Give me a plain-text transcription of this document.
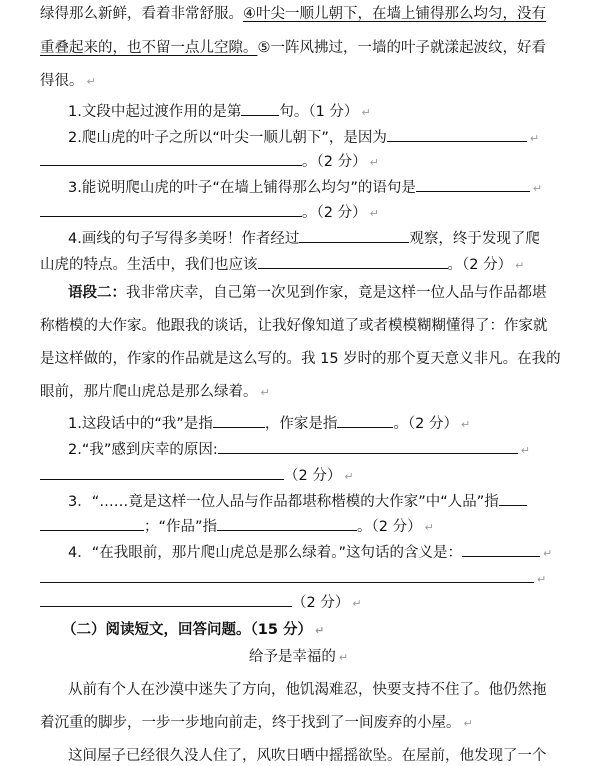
绿得那么新鲜，看着非常舒服。④叶尖一顺儿朝下，在墙上铺得那么均匀，没有
重叠起来的，也不留一点儿空隙。⑤一阵风拂过，一墙的叶子就漾起波纹，好看
得很。 ↵
1.文段中起过渡作用的是第	句。（1 分） ↵
2.爬山虎的叶子之所以“叶尖一顺儿朝下”，是因为	↵
。（2 分） ↵
3.能说明爬山虎的叶子“在墙上铺得那么均匀”的语句是	↵
。（2 分） ↵
4.画线的句子写得多美呀！作者经过	观察，终于发现了爬
山虎的特点。生活中，我们也应该	。（2 分） ↵
语段二：我非常庆幸，自己第一次见到作家，竟是这样一位人品与作品都堪
称楷模的大作家。他跟我的谈话，让我好像知道了或者模模糊糊懂得了：作家就
是这样做的，作家的作品就是这么写的。我 15 岁时的那个夏天意义非凡。在我的
眼前，那片爬山虎总是那么绿着。 ↵
1.这段话中的“我”是指	，作家是指	。（2 分） ↵
2.“我”感到庆幸的原因:	↵
（2 分） ↵
3．“……竟是这样一位人品与作品都堪称楷模的大作家”中“人品”指
；“作品”指	。（2 分） ↵
4．“在我眼前，那片爬山虎总是那么绿着。”这句话的含义是：	↵
↵
（2 分） ↵
（二）阅读短文，回答问题。（15 分） ↵
给予是幸福的 ↵
从前有个人在沙漠中迷失了方向，他饥渴难忍，快要支持不住了。他仍然拖
着沉重的脚步，一步一步地向前走，终于找到了一间废弃的小屋。 ↵
这间屋子已经很久没人住了，风吹日晒中摇摇欲坠。在屋前，他发现了一个
